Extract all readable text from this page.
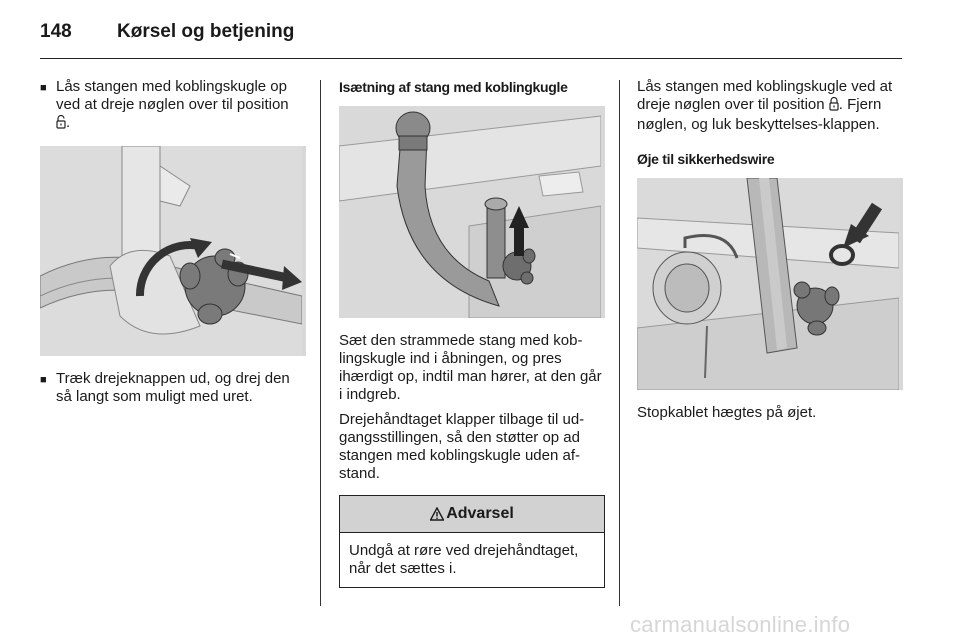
148	Kørsel og betjening
■ Lås stangen med koblingskugle op ved at dreje nøglen over til position
.
■ Træk drejeknappen ud, og drej den så langt som muligt med uret.
Isætning af stang med koblingkugle

Sæt den strammede stang med kob-lingskugle ind i åbningen, og pres ihærdigt op, indtil man hører, at den går i indgreb.

Drejehåndtaget klapper tilbage til ud-gangsstillingen, så den støtter op ad stangen med koblingskugle uden af-stand.

Advarsel
Undgå at røre ved drejehåndtaget, når det sættes i.

Lås stangen med koblingskugle ved at dreje nøglen over til position . Fjern nøglen, og luk beskyttelses-klappen.

Øje til sikkerhedswire

Stopkablet hægtes på øjet.

carmanualsonline.info
